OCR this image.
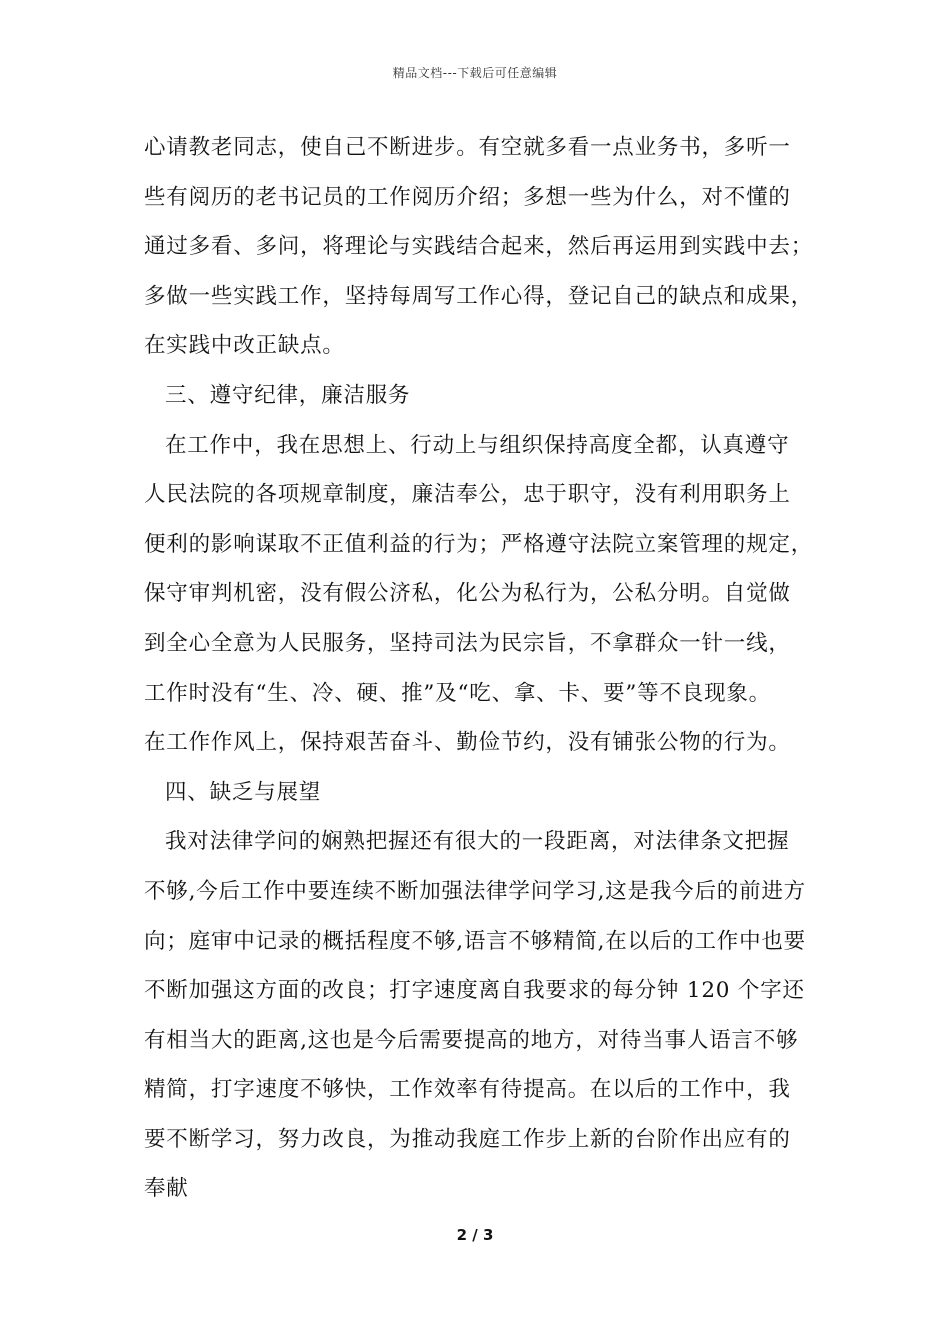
精品文档---下载后可任意编辑
心请教老同志，使自己不断进步。有空就多看一点业务书，多听一
些有阅历的老书记员的工作阅历介绍；多想一些为什么，对不懂的
通过多看、多问，将理论与实践结合起来，然后再运用到实践中去；
多做一些实践工作，坚持每周写工作心得，登记自己的缺点和成果，
在实践中改正缺点。
三、遵守纪律，廉洁服务
在工作中，我在思想上、行动上与组织保持高度全都，认真遵守
人民法院的各项规章制度，廉洁奉公，忠于职守，没有利用职务上
便利的影响谋取不正值利益的行为；严格遵守法院立案管理的规定，
保守审判机密，没有假公济私，化公为私行为，公私分明。自觉做
到全心全意为人民服务，坚持司法为民宗旨，不拿群众一针一线，
工作时没有“生、冷、硬、推”及“吃、拿、卡、要”等不良现象。
在工作作风上，保持艰苦奋斗、勤俭节约，没有铺张公物的行为。
四、缺乏与展望
我对法律学问的娴熟把握还有很大的一段距离，对法律条文把握
不够,今后工作中要连续不断加强法律学问学习,这是我今后的前进方
向；庭审中记录的概括程度不够,语言不够精简,在以后的工作中也要
不断加强这方面的改良；打字速度离自我要求的每分钟 120 个字还
有相当大的距离,这也是今后需要提高的地方，对待当事人语言不够
精简，打字速度不够快，工作效率有待提高。在以后的工作中，我
要不断学习，努力改良，为推动我庭工作步上新的台阶作出应有的
奉献
2 / 3
